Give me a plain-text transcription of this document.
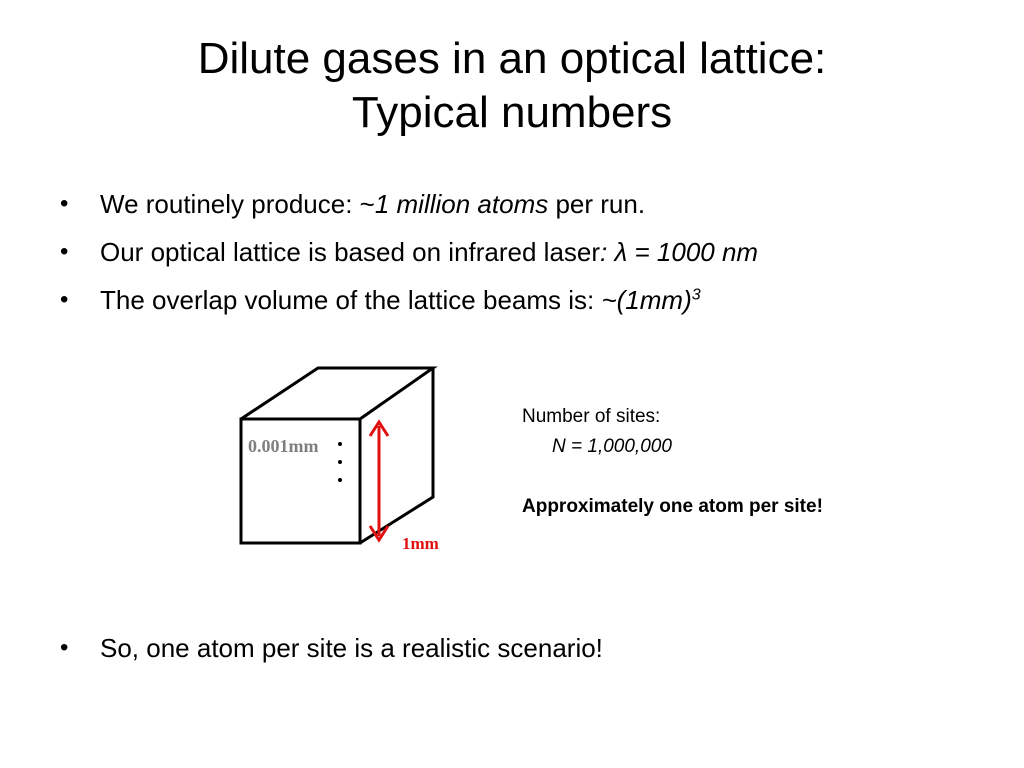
Dilute gases in an optical lattice:
Typical numbers
• We routinely produce: ~1 million atoms per run.
• Our optical lattice is based on infrared laser: λ = 1000 nm
• The overlap volume of the lattice beams is: $\sim(1mm)^3$
0.001mm
1mm
Number of sites:
N = 1,000,000
Approximately one atom per site!
• So, one atom per site is a realistic scenario!
